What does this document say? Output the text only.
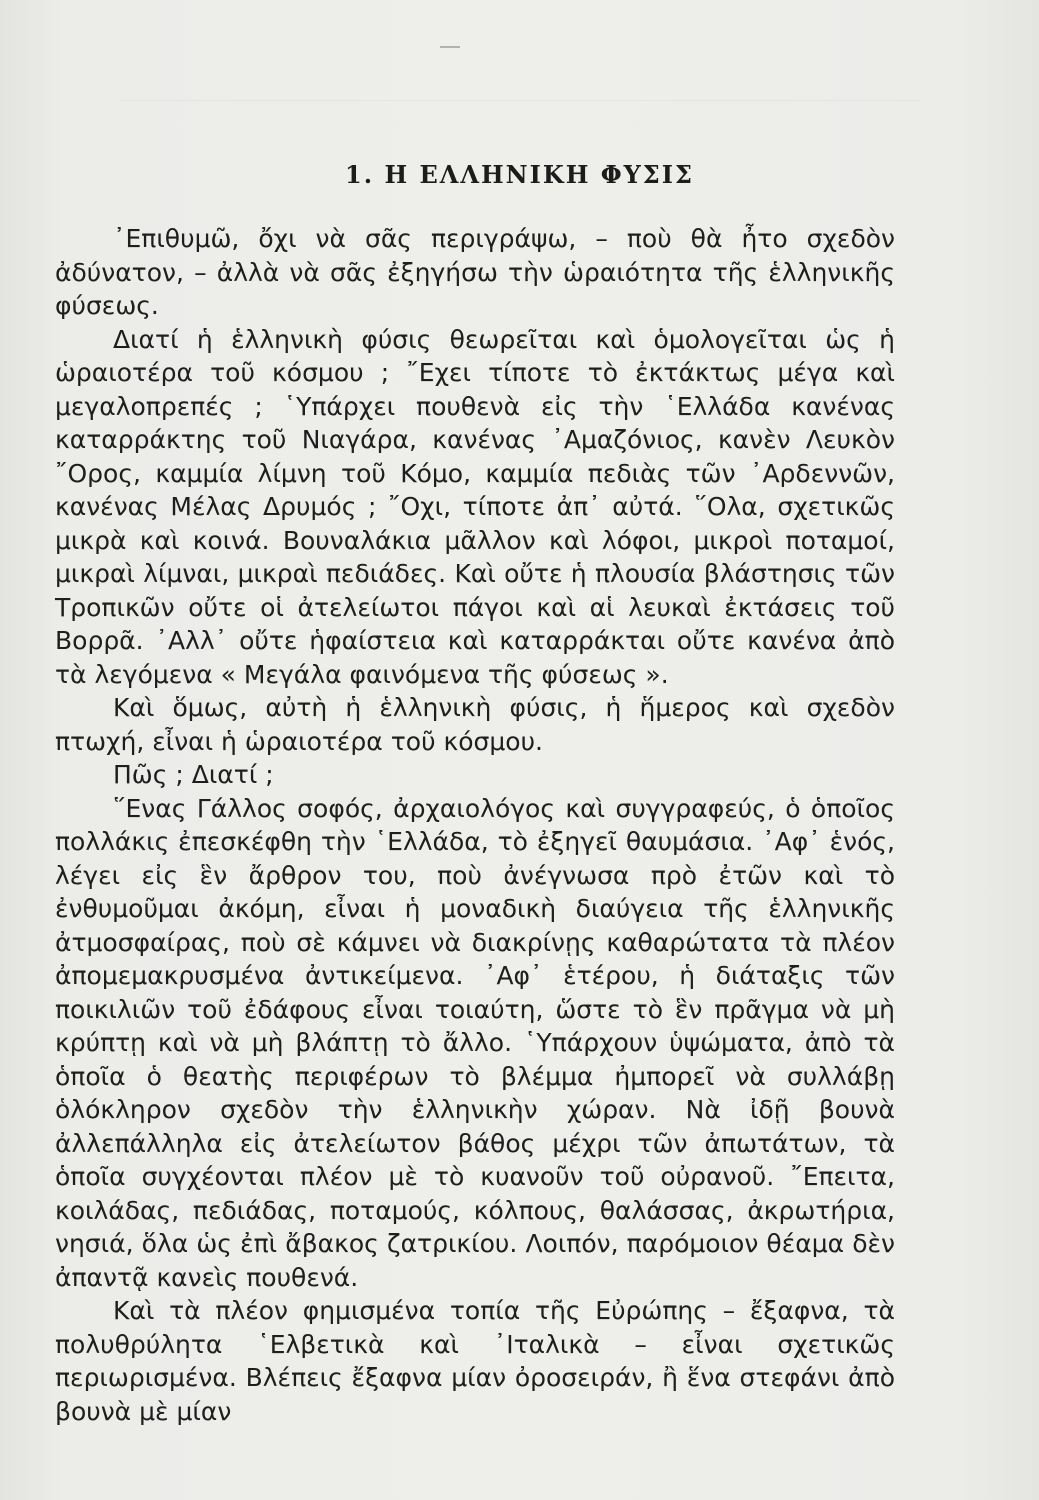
1. Η ΕΛΛΗΝΙΚΗ ΦΥΣΙΣ

᾿Επιθυμῶ, ὄχι νὰ σᾶς περιγράψω, – ποὺ θὰ ἦτο σχεδὸν ἀδύνατον, – ἀλλὰ νὰ σᾶς ἐξηγήσω τὴν ὡραιότητα τῆς ἑλληνικῆς φύσεως.

Διατί ἡ ἑλληνικὴ φύσις θεωρεῖται καὶ ὁμολογεῖται ὡς ἡ ὡραιοτέρα τοῦ κόσμου ; ῎Εχει τίποτε τὸ ἐκτάκτως μέγα καὶ μεγαλοπρεπές ; ῾Υπάρχει πουθενὰ εἰς τὴν ῾Ελλάδα κανένας καταρράκτης τοῦ Νιαγάρα, κανένας ᾿Αμαζόνιος, κανὲν Λευκὸν ῎Ορος, καμμία λίμνη τοῦ Κόμο, καμμία πεδιὰς τῶν ᾿Αρδεννῶν, κανένας Μέλας Δρυμός ; ῎Οχι, τίποτε ἀπ᾿ αὐτά. ῞Ολα, σχετικῶς μικρὰ καὶ κοινά. Βουναλάκια μᾶλλον καὶ λόφοι, μικροὶ ποταμοί, μικραὶ λίμναι, μικραὶ πεδιάδες. Καὶ οὔτε ἡ πλουσία βλάστησις τῶν Τροπικῶν οὔτε οἱ ἀτελείωτοι πάγοι καὶ αἱ λευκαὶ ἐκτάσεις τοῦ Βορρᾶ. ᾿Αλλ᾿ οὔτε ἡφαίστεια καὶ καταρράκται οὔτε κανένα ἀπὸ τὰ λεγόμενα « Μεγάλα φαινόμενα τῆς φύσεως ».

Καὶ ὅμως, αὐτὴ ἡ ἑλληνικὴ φύσις, ἡ ἥμερος καὶ σχεδὸν πτωχή, εἶναι ἡ ὡραιοτέρα τοῦ κόσμου.

Πῶς ; Διατί ;

῞Ενας Γάλλος σοφός, ἀρχαιολόγος καὶ συγγραφεύς, ὁ ὁποῖος πολλάκις ἐπεσκέφθη τὴν ῾Ελλάδα, τὸ ἐξηγεῖ θαυμάσια. ᾿Αφ᾿ ἑνός, λέγει εἰς ἓν ἄρθρον του, ποὺ ἀνέγνωσα πρὸ ἐτῶν καὶ τὸ ἐνθυμοῦμαι ἀκόμη, εἶναι ἡ μοναδικὴ διαύγεια τῆς ἑλληνικῆς ἀτμοσφαίρας, ποὺ σὲ κάμνει νὰ διακρίνῃς καθαρώτατα τὰ πλέον ἀπομεμακρυσμένα ἀντικείμενα. ᾿Αφ᾿ ἑτέρου, ἡ διάταξις τῶν ποικιλιῶν τοῦ ἐδάφους εἶναι τοιαύτη, ὥστε τὸ ἓν πρᾶγμα νὰ μὴ κρύπτῃ καὶ νὰ μὴ βλάπτῃ τὸ ἄλλο. ῾Υπάρχουν ὑψώματα, ἀπὸ τὰ ὁποῖα ὁ θεατὴς περιφέρων τὸ βλέμμα ἠμπορεῖ νὰ συλλάβῃ ὁλόκληρον σχεδὸν τὴν ἑλληνικὴν χώραν. Νὰ ἰδῇ βουνὰ ἀλλεπάλληλα εἰς ἀτελείωτον βάθος μέχρι τῶν ἀπωτάτων, τὰ ὁποῖα συγχέονται πλέον μὲ τὸ κυανοῦν τοῦ οὐρανοῦ. ῎Επειτα, κοιλάδας, πεδιάδας, ποταμούς, κόλπους, θαλάσσας, ἀκρωτήρια, νησιά, ὅλα ὡς ἐπὶ ἄβακος ζατρικίου. Λοιπόν, παρόμοιον θέαμα δὲν ἀπαντᾷ κανεὶς πουθενά.

Καὶ τὰ πλέον φημισμένα τοπία τῆς Εὐρώπης – ἔξαφνα, τὰ πολυθρύλητα ῾Ελβετικὰ καὶ ᾿Ιταλικὰ – εἶναι σχετικῶς περιωρισμένα. Βλέπεις ἔξαφνα μίαν ὀροσειράν, ἢ ἕνα στεφάνι ἀπὸ βουνὰ μὲ μίαν
